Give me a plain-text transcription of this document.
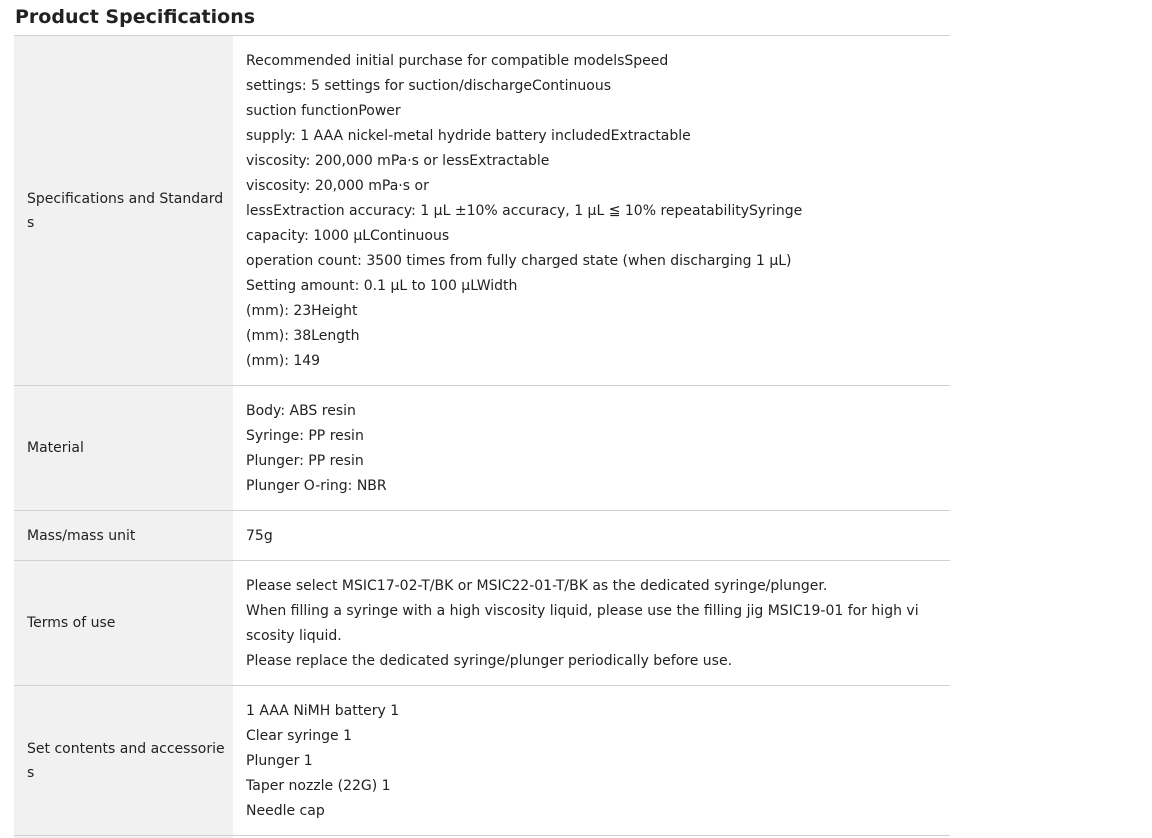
Product Specifications
Specifications and Standards
Recommended initial purchase for compatible modelsSpeed
settings: 5 settings for suction/dischargeContinuous
suction functionPower
supply: 1 AAA nickel-metal hydride battery includedExtractable
viscosity: 200,000 mPa·s or lessExtractable
viscosity: 20,000 mPa·s or
lessExtraction accuracy: 1 μL ±10% accuracy, 1 μL ≦ 10% repeatabilitySyringe
capacity: 1000 μLContinuous
operation count: 3500 times from fully charged state (when discharging 1 μL)
Setting amount: 0.1 μL to 100 μLWidth
(mm): 23Height
(mm): 38Length
(mm): 149
Material
Body: ABS resin
Syringe: PP resin
Plunger: PP resin
Plunger O-ring: NBR
Mass/mass unit	75g
Terms of use
Please select MSIC17-02-T/BK or MSIC22-01-T/BK as the dedicated syringe/plunger.
When filling a syringe with a high viscosity liquid, please use the filling jig MSIC19-01 for high vi
scosity liquid.
Please replace the dedicated syringe/plunger periodically before use.
Set contents and accessories
1 AAA NiMH battery 1
Clear syringe 1
Plunger 1
Taper nozzle (22G) 1
Needle cap
